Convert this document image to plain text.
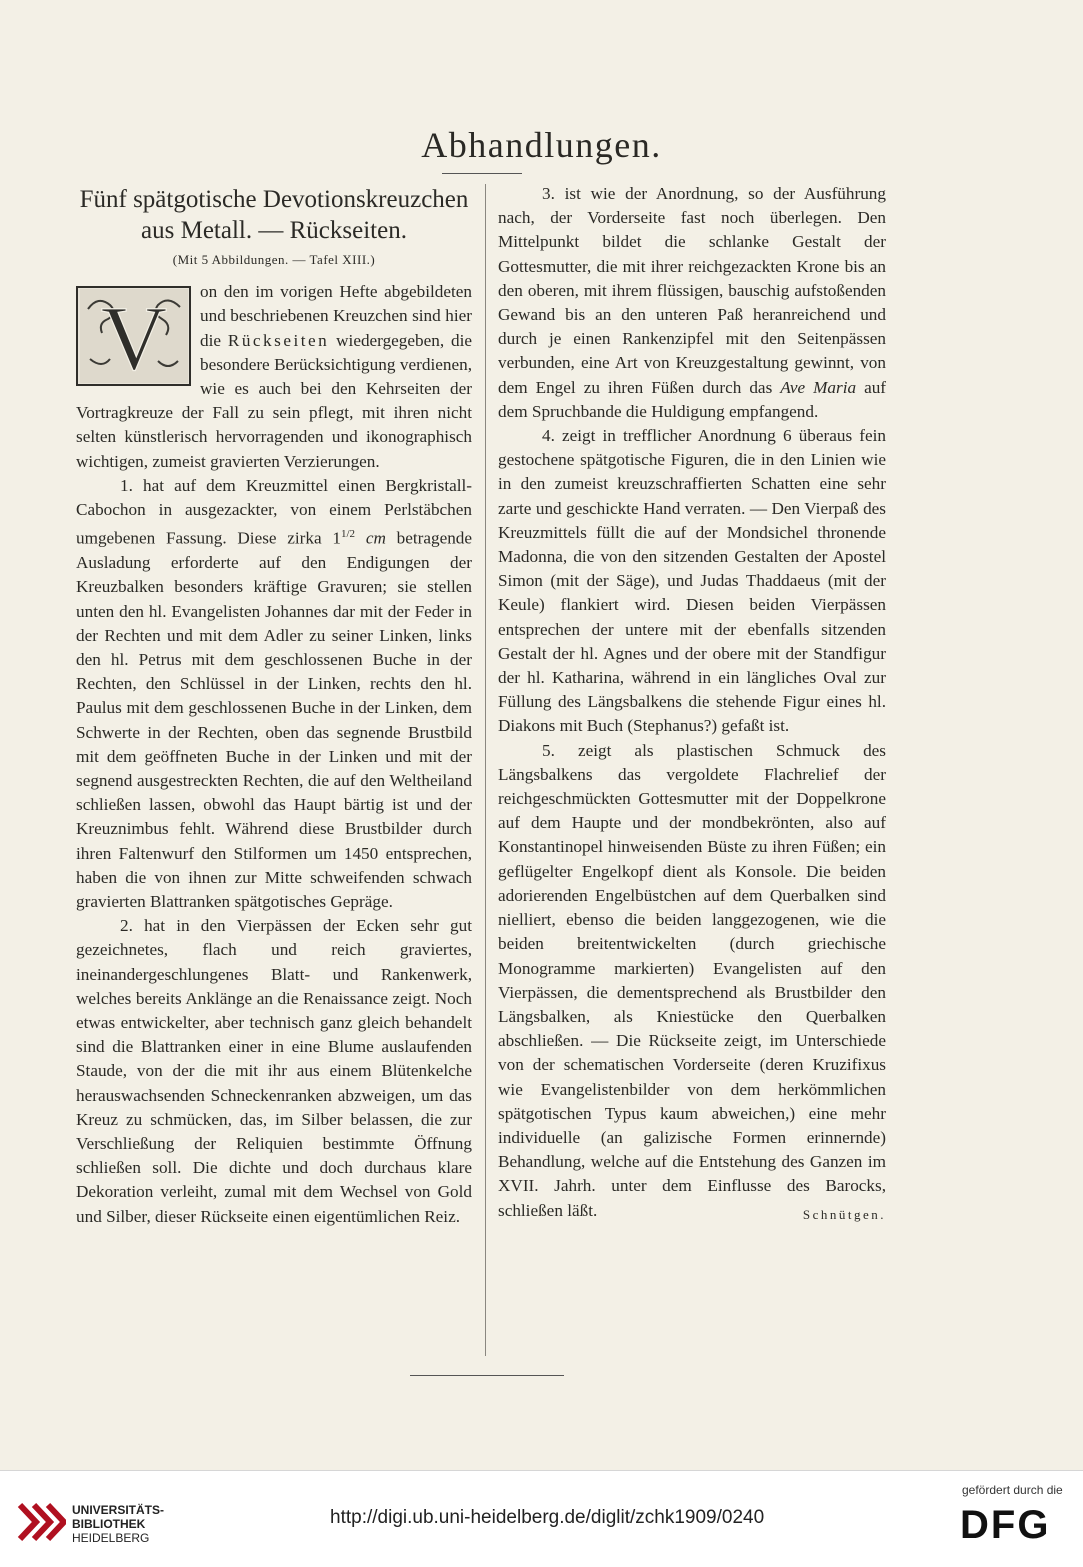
Abhandlungen.
Fünf spätgotische Devotionskreuzchen aus Metall. — Rückseiten.
(Mit 5 Abbildungen. — Tafel XIII.)

V on den im vorigen Hefte abgebildeten und beschriebenen Kreuzchen sind hier die Rückseiten wiedergegeben, die besondere Berücksichtigung verdienen, wie es auch bei den Kehrseiten der Vortragkreuze der Fall zu sein pflegt, mit ihren nicht selten künstlerisch hervorragenden und ikonographisch wichtigen, zumeist gravierten Verzierungen.

1. hat auf dem Kreuzmittel einen Bergkristall-Cabochon in ausgezackter, von einem Perlstäbchen umgebenen Fassung. Diese zirka $1^{1/2}$ cm betragende Ausladung erforderte auf den Endigungen der Kreuzbalken besonders kräftige Gravuren; sie stellen unten den hl. Evangelisten Johannes dar mit der Feder in der Rechten und mit dem Adler zu seiner Linken, links den hl. Petrus mit dem geschlossenen Buche in der Rechten, den Schlüssel in der Linken, rechts den hl. Paulus mit dem geschlossenen Buche in der Linken, dem Schwerte in der Rechten, oben das segnende Brustbild mit dem geöffneten Buche in der Linken und mit der segnend ausgestreckten Rechten, die auf den Weltheiland schließen lassen, obwohl das Haupt bärtig ist und der Kreuznimbus fehlt. Während diese Brustbilder durch ihren Faltenwurf den Stilformen um 1450 entsprechen, haben die von ihnen zur Mitte schweifenden schwach gravierten Blattranken spätgotisches Gepräge.

2. hat in den Vierpässen der Ecken sehr gut gezeichnetes, flach und reich graviertes, ineinandergeschlungenes Blatt- und Rankenwerk, welches bereits Anklänge an die Renaissance zeigt. Noch etwas entwickelter, aber technisch ganz gleich behandelt sind die Blattranken einer in eine Blume auslaufenden Staude, von der die mit ihr aus einem Blütenkelche herauswachsenden Schneckenranken abzweigen, um das Kreuz zu schmücken, das, im Silber belassen, die zur Verschließung der Reliquien bestimmte Öffnung schließen soll. Die dichte und doch durchaus klare Dekoration verleiht, zumal mit dem Wechsel von Gold und Silber, dieser Rückseite einen eigentümlichen Reiz.

3. ist wie der Anordnung, so der Ausführung nach, der Vorderseite fast noch überlegen. Den Mittelpunkt bildet die schlanke Gestalt der Gottesmutter, die mit ihrer reichgezackten Krone bis an den oberen, mit ihrem flüssigen, bauschig aufstoßenden Gewand bis an den unteren Paß heranreichend und durch je einen Rankenzipfel mit den Seitenpässen verbunden, eine Art von Kreuzgestaltung gewinnt, von dem Engel zu ihren Füßen durch das Ave Maria auf dem Spruchbande die Huldigung empfangend.

4. zeigt in trefflicher Anordnung 6 überaus fein gestochene spätgotische Figuren, die in den Linien wie in den zumeist kreuzschraffierten Schatten eine sehr zarte und geschickte Hand verraten. — Den Vierpaß des Kreuzmittels füllt die auf der Mondsichel thronende Madonna, die von den sitzenden Gestalten der Apostel Simon (mit der Säge), und Judas Thaddaeus (mit der Keule) flankiert wird. Diesen beiden Vierpässen entsprechen der untere mit der ebenfalls sitzenden Gestalt der hl. Agnes und der obere mit der Standfigur der hl. Katharina, während in ein längliches Oval zur Füllung des Längsbalkens die stehende Figur eines hl. Diakons mit Buch (Stephanus?) gefaßt ist.

5. zeigt als plastischen Schmuck des Längsbalkens das vergoldete Flachrelief der reichgeschmückten Gottesmutter mit der Doppelkrone auf dem Haupte und der mondbekrönten, also auf Konstantinopel hinweisenden Büste zu ihren Füßen; ein geflügelter Engelkopf dient als Konsole. Die beiden adorierenden Engelbüstchen auf dem Querbalken sind nielliert, ebenso die beiden langgezogenen, wie die beiden breitentwickelten (durch griechische Monogramme markierten) Evangelisten auf den Vierpässen, die dementsprechend als Brustbilder den Längsbalken, als Kniestücke den Querbalken abschließen. — Die Rückseite zeigt, im Unterschiede von der schematischen Vorderseite (deren Kruzifixus wie Evangelistenbilder von dem herkömmlichen spätgotischen Typus kaum abweichen,) eine mehr individuelle (an galizische Formen erinnernde) Behandlung, welche auf die Entstehung des Ganzen im XVII. Jahrh. unter dem Einflusse des Barocks, schließen läßt.	Schnütgen.

UNIVERSITÄTS-
BIBLIOTHEK
HEIDELBERG
http://digi.ub.uni-heidelberg.de/diglit/zchk1909/0240
gefördert durch die
DFG
